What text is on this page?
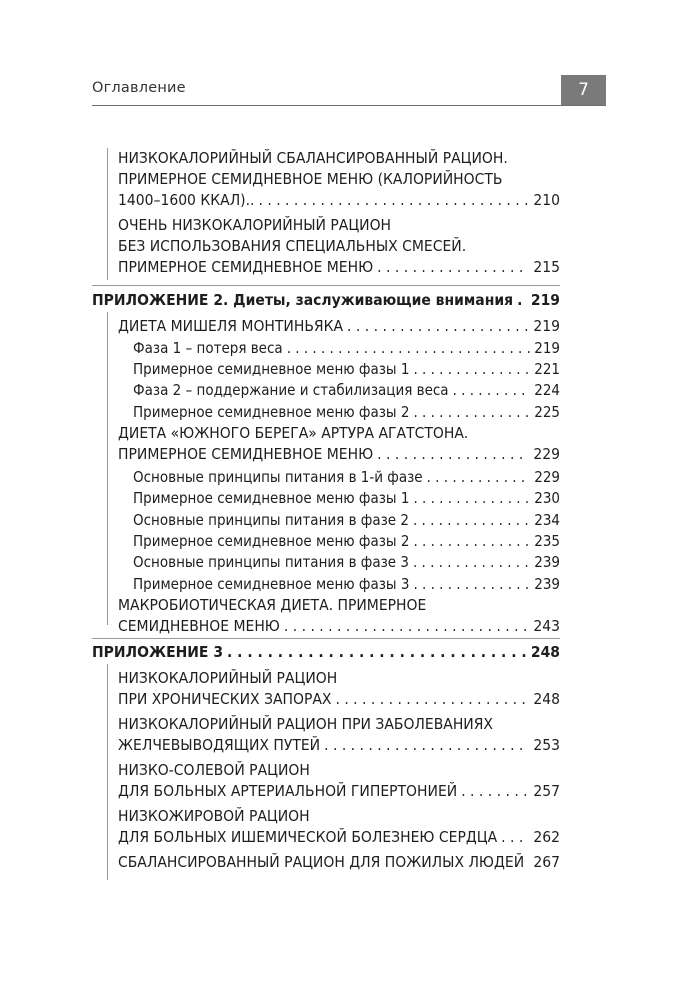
Оглавление	7
НИЗКОКАЛОРИЙНЫЙ СБАЛАНСИРОВАННЫЙ РАЦИОН.
ПРИМЕРНОЕ СЕМИДНЕВНОЕ МЕНЮ (КАЛОРИЙНОСТЬ
1400–1600 ККАЛ).. . . .	210
ОЧЕНЬ НИЗКОКАЛОРИЙНЫЙ РАЦИОН
БЕЗ ИСПОЛЬЗОВАНИЯ СПЕЦИАЛЬНЫХ СМЕСЕЙ.
ПРИМЕРНОЕ СЕМИДНЕВНОЕ МЕНЮ . . .	215
ПРИЛОЖЕНИЕ 2. Диеты, заслуживающие внимания . . . 219
ДИЕТА МИШЕЛЯ МОНТИНЬЯКА . . .	219
Фаза 1 – потеря веса . . .	219
Примерное семидневное меню фазы 1 . . .	221
Фаза 2 – поддержание и стабилизация веса . . .	224
Примерное семидневное меню фазы 2 . . .	225
ДИЕТА «ЮЖНОГО БЕРЕГА» АРТУРА АГАТСТОНА.
ПРИМЕРНОЕ СЕМИДНЕВНОЕ МЕНЮ . . .	229
Основные принципы питания в 1-й фазе . . .	229
Примерное семидневное меню фазы 1 . . .	230
Основные принципы питания в фазе 2 . . .	234
Примерное семидневное меню фазы 2 . . .	235
Основные принципы питания в фазе 3 . . .	239
Примерное семидневное меню фазы 3 . . .	239
МАКРОБИОТИЧЕСКАЯ ДИЕТА. ПРИМЕРНОЕ
СЕМИДНЕВНОЕ МЕНЮ . . .	243
ПРИЛОЖЕНИЕ 3 . . .	248
НИЗКОКАЛОРИЙНЫЙ РАЦИОН
ПРИ ХРОНИЧЕСКИХ ЗАПОРАХ . . .	248
НИЗКОКАЛОРИЙНЫЙ РАЦИОН ПРИ ЗАБОЛЕВАНИЯХ
ЖЕЛЧЕВЫВОДЯЩИХ ПУТЕЙ . . .	253
НИЗКО-СОЛЕВОЙ РАЦИОН
ДЛЯ БОЛЬНЫХ АРТЕРИАЛЬНОЙ ГИПЕРТОНИЕЙ . . .	257
НИЗКОЖИРОВОЙ РАЦИОН
ДЛЯ БОЛЬНЫХ ИШЕМИЧЕСКОЙ БОЛЕЗНЕЮ СЕРДЦА . . . 262
СБАЛАНСИРОВАННЫЙ РАЦИОН ДЛЯ ПОЖИЛЫХ ЛЮДЕЙ . . . 267
